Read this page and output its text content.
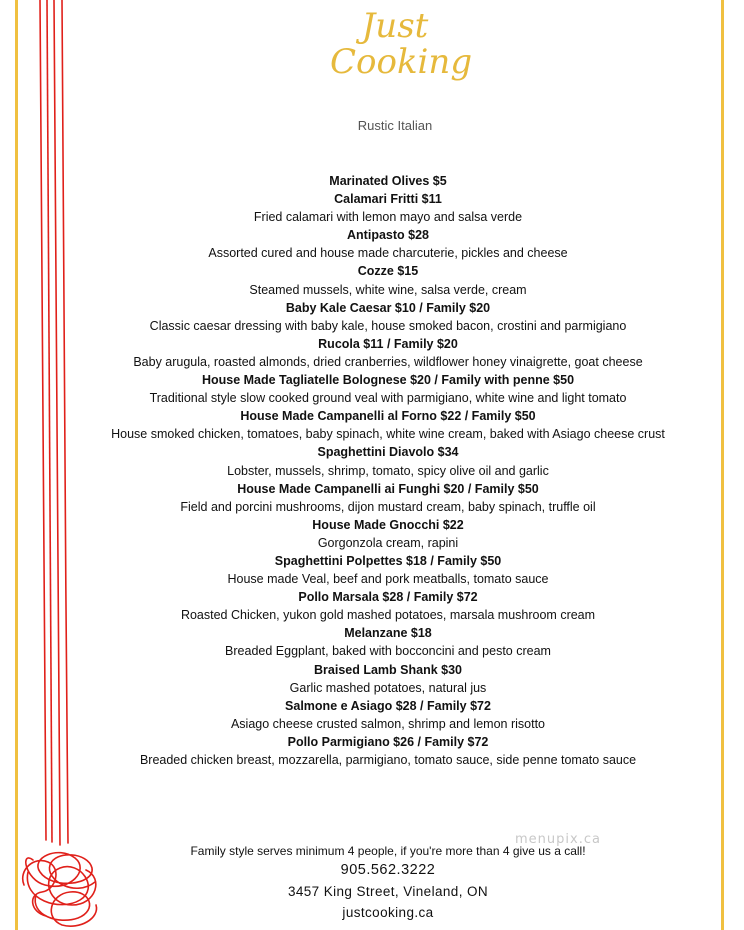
Just
Cooking
Rustic Italian
Marinated Olives $5
Calamari Fritti $11
Fried calamari with lemon mayo and salsa verde
Antipasto $28
Assorted cured and house made charcuterie, pickles and cheese
Cozze $15
Steamed mussels, white wine, salsa verde, cream
Baby Kale Caesar $10 / Family $20
Classic caesar dressing with baby kale, house smoked bacon, crostini and parmigiano
Rucola $11 / Family $20
Baby arugula, roasted almonds, dried cranberries, wildflower honey vinaigrette, goat cheese
House Made Tagliatelle Bolognese $20 / Family with penne $50
Traditional style slow cooked ground veal with parmigiano, white wine and light tomato
House Made Campanelli al Forno $22 / Family $50
House smoked chicken, tomatoes, baby spinach, white wine cream, baked with Asiago cheese crust
Spaghettini Diavolo $34
Lobster, mussels, shrimp, tomato, spicy olive oil and garlic
House Made Campanelli ai Funghi $20 / Family $50
Field and porcini mushrooms, dijon mustard cream, baby spinach, truffle oil
House Made Gnocchi $22
Gorgonzola cream, rapini
Spaghettini Polpettes $18 / Family $50
House made Veal, beef and pork meatballs, tomato sauce
Pollo Marsala $28 / Family $72
Roasted Chicken, yukon gold mashed potatoes, marsala mushroom cream
Melanzane $18
Breaded Eggplant, baked with bocconcini and pesto cream
Braised Lamb Shank $30
Garlic mashed potatoes, natural jus
Salmone e Asiago $28 / Family $72
Asiago cheese crusted salmon, shrimp and lemon risotto
Pollo Parmigiano $26 / Family $72
Breaded chicken breast, mozzarella, parmigiano, tomato sauce, side penne tomato sauce
Family style serves minimum 4 people, if you're more than 4 give us a call!
905.562.3222
3457 King Street, Vineland, ON
justcooking.ca
menupix.ca
